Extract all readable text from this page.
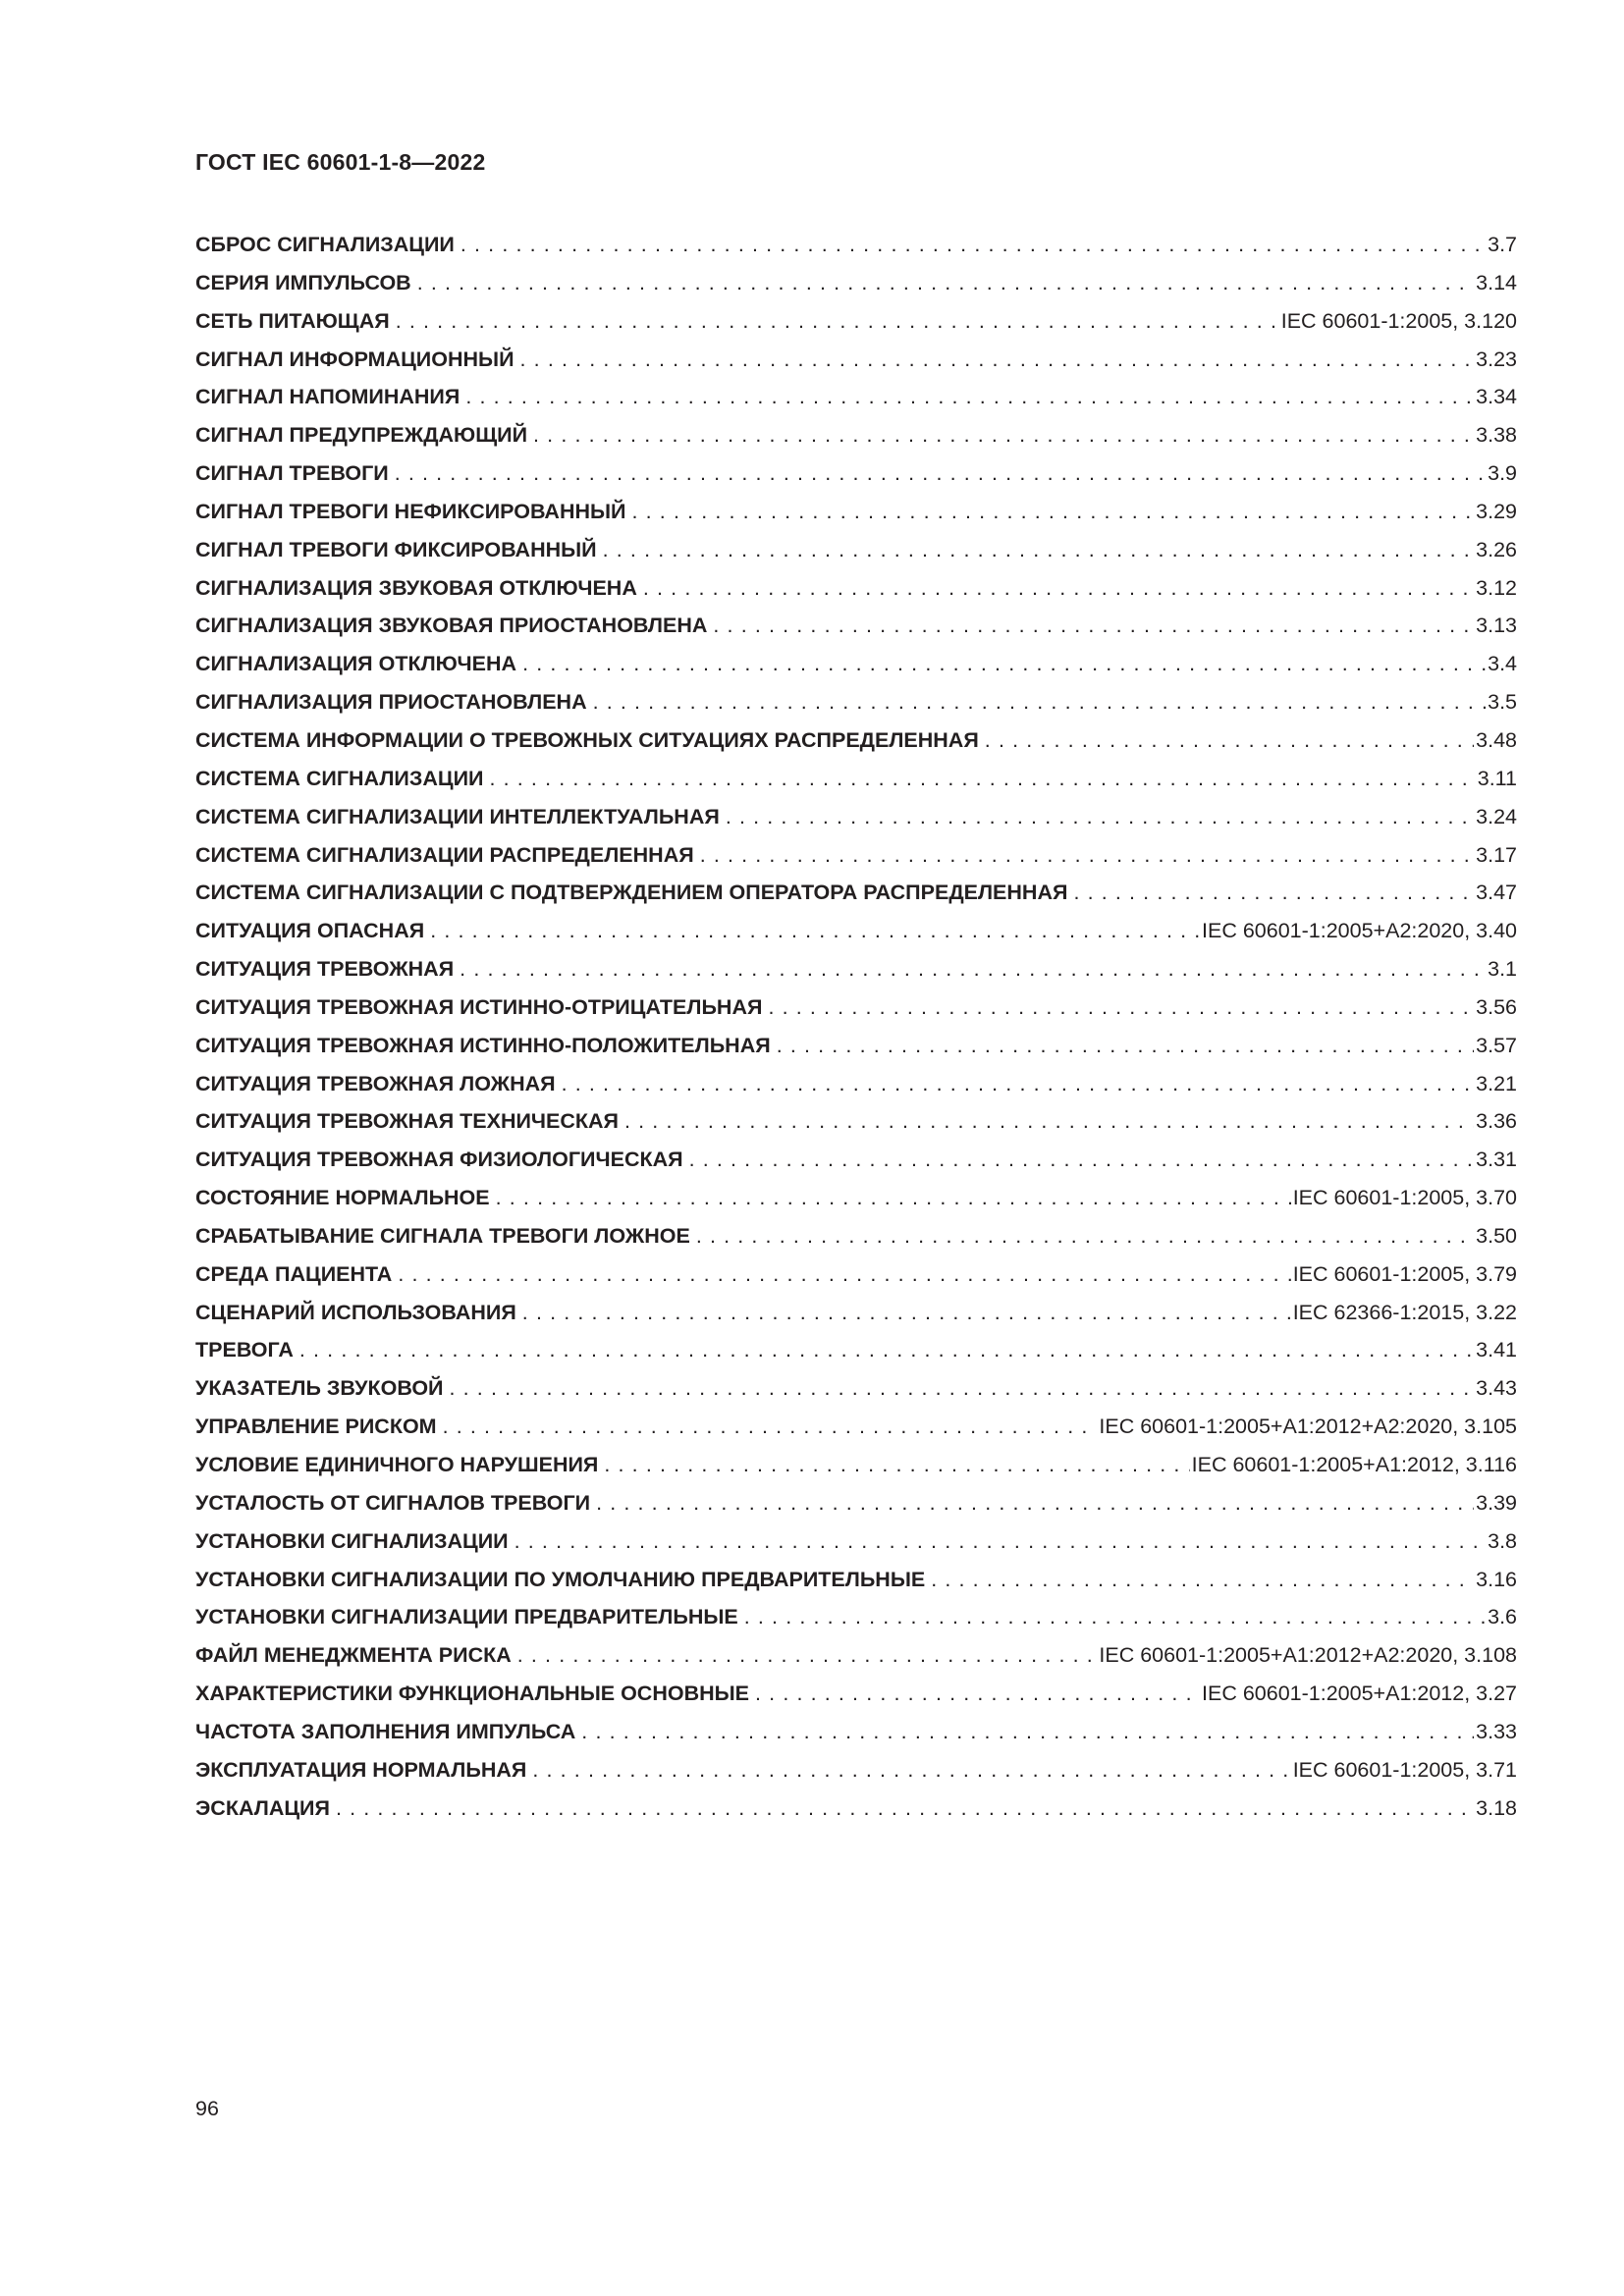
ГОСТ IEC 60601-1-8—2022
СБРОС СИГНАЛИЗАЦИИ . . .	3.7
СЕРИЯ ИМПУЛЬСОВ . . .	3.14
СЕТЬ ПИТАЮЩАЯ . . .	IEC 60601-1:2005, 3.120
СИГНАЛ ИНФОРМАЦИОННЫЙ . . .	3.23
СИГНАЛ НАПОМИНАНИЯ . . .	3.34
СИГНАЛ ПРЕДУПРЕЖДАЮЩИЙ . . .	3.38
СИГНАЛ ТРЕВОГИ . . .	3.9
СИГНАЛ ТРЕВОГИ НЕФИКСИРОВАННЫЙ . . .	3.29
СИГНАЛ ТРЕВОГИ ФИКСИРОВАННЫЙ . . .	3.26
СИГНАЛИЗАЦИЯ ЗВУКОВАЯ ОТКЛЮЧЕНА . . .	3.12
СИГНАЛИЗАЦИЯ ЗВУКОВАЯ ПРИОСТАНОВЛЕНА . . .	3.13
СИГНАЛИЗАЦИЯ ОТКЛЮЧЕНА . . .	3.4
СИГНАЛИЗАЦИЯ ПРИОСТАНОВЛЕНА . . .	3.5
СИСТЕМА ИНФОРМАЦИИ О ТРЕВОЖНЫХ СИТУАЦИЯХ РАСПРЕДЕЛЕННАЯ . . .	3.48
СИСТЕМА СИГНАЛИЗАЦИИ . . .	3.11
СИСТЕМА СИГНАЛИЗАЦИИ ИНТЕЛЛЕКТУАЛЬНАЯ . . .	3.24
СИСТЕМА СИГНАЛИЗАЦИИ РАСПРЕДЕЛЕННАЯ . . .	3.17
СИСТЕМА СИГНАЛИЗАЦИИ С ПОДТВЕРЖДЕНИЕМ ОПЕРАТОРА РАСПРЕДЕЛЕННАЯ . . .	3.47
СИТУАЦИЯ ОПАСНАЯ . . .	IEC 60601-1:2005+A2:2020, 3.40
СИТУАЦИЯ ТРЕВОЖНАЯ . . .	3.1
СИТУАЦИЯ ТРЕВОЖНАЯ ИСТИННО-ОТРИЦАТЕЛЬНАЯ . . .	3.56
СИТУАЦИЯ ТРЕВОЖНАЯ ИСТИННО-ПОЛОЖИТЕЛЬНАЯ . . .	3.57
СИТУАЦИЯ ТРЕВОЖНАЯ ЛОЖНАЯ . . .	3.21
СИТУАЦИЯ ТРЕВОЖНАЯ ТЕХНИЧЕСКАЯ . . .	3.36
СИТУАЦИЯ ТРЕВОЖНАЯ ФИЗИОЛОГИЧЕСКАЯ . . .	3.31
СОСТОЯНИЕ НОРМАЛЬНОЕ . . .	IEC 60601-1:2005, 3.70
СРАБАТЫВАНИЕ СИГНАЛА ТРЕВОГИ ЛОЖНОЕ . . .	3.50
СРЕДА ПАЦИЕНТА . . .	IEC 60601-1:2005, 3.79
СЦЕНАРИЙ ИСПОЛЬЗОВАНИЯ . . .	IEC 62366-1:2015, 3.22
ТРЕВОГА . . .	3.41
УКАЗАТЕЛЬ ЗВУКОВОЙ . . .	3.43
УПРАВЛЕНИЕ РИСКОМ . . .	IEC 60601-1:2005+A1:2012+A2:2020, 3.105
УСЛОВИЕ ЕДИНИЧНОГО НАРУШЕНИЯ . . .	IEC 60601-1:2005+A1:2012, 3.116
УСТАЛОСТЬ ОТ СИГНАЛОВ ТРЕВОГИ . . .	3.39
УСТАНОВКИ СИГНАЛИЗАЦИИ . . .	3.8
УСТАНОВКИ СИГНАЛИЗАЦИИ ПО УМОЛЧАНИЮ ПРЕДВАРИТЕЛЬНЫЕ . . .	3.16
УСТАНОВКИ СИГНАЛИЗАЦИИ ПРЕДВАРИТЕЛЬНЫЕ . . .	3.6
ФАЙЛ МЕНЕДЖМЕНТА РИСКА . . .	IEC 60601-1:2005+A1:2012+A2:2020, 3.108
ХАРАКТЕРИСТИКИ ФУНКЦИОНАЛЬНЫЕ ОСНОВНЫЕ . . .	IEC 60601-1:2005+A1:2012, 3.27
ЧАСТОТА ЗАПОЛНЕНИЯ ИМПУЛЬСА . . .	3.33
ЭКСПЛУАТАЦИЯ НОРМАЛЬНАЯ . . .	IEC 60601-1:2005, 3.71
ЭСКАЛАЦИЯ . . .	3.18
96
